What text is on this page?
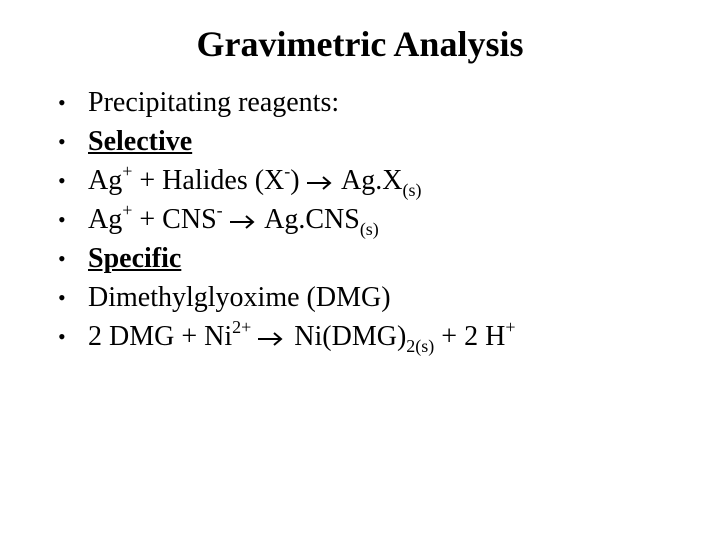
Gravimetric Analysis
• Precipitating reagents:
• Selective
• Ag+ + Halides (X-) $Ag.X_{(s)}$
• Ag+ + CNS- $Ag.CNS_{(s)}$
• Specific
• Dimethylglyoxime (DMG)
• 2 DMG + $Ni^{2+}$ $Ni(DMG)_{2(s)} + 2$ H+
